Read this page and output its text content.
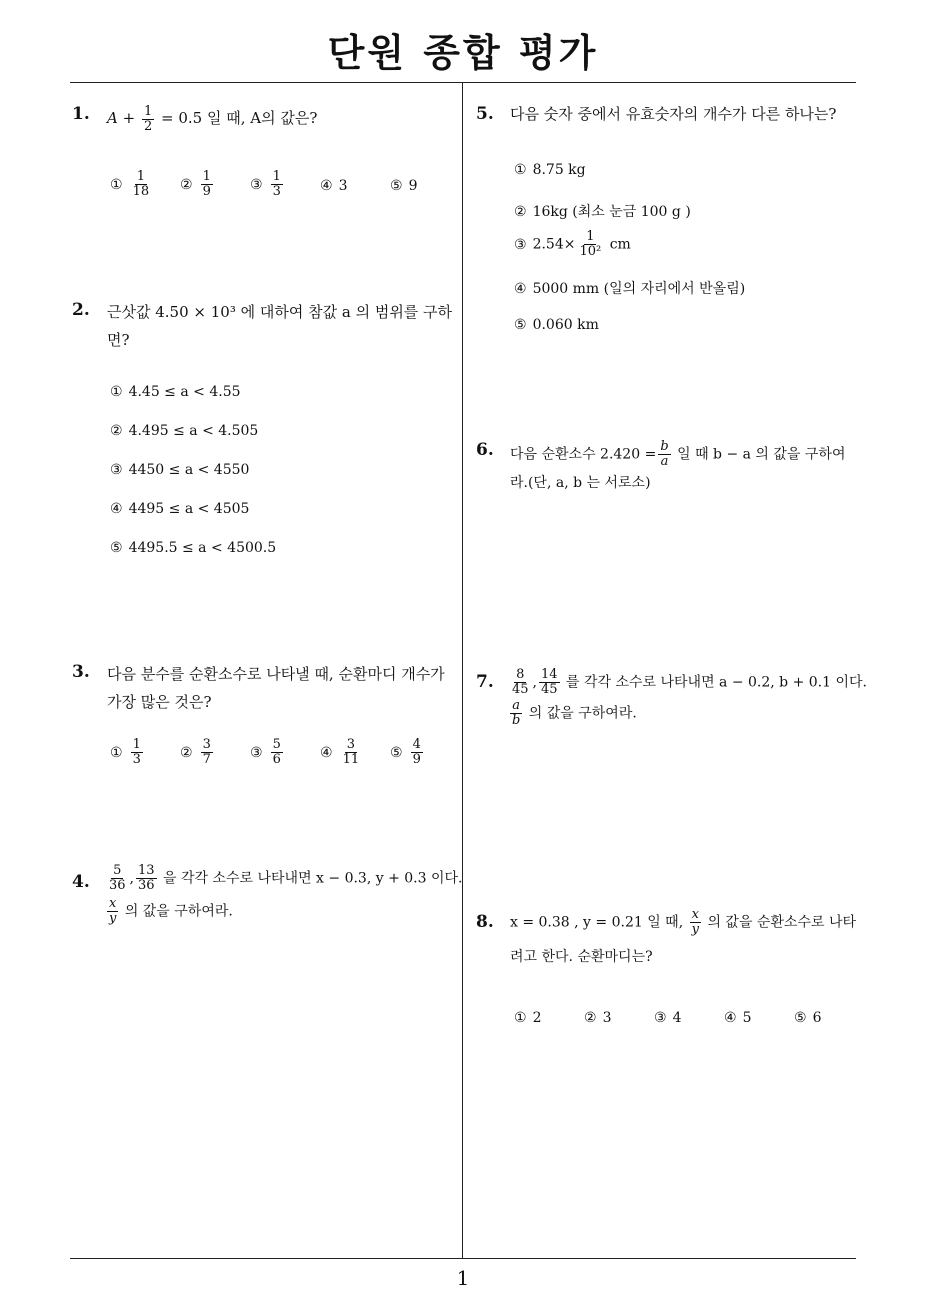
단원 종합 평가
1
1. $A + \frac{1}{2} = 0.5$ 일 때, A의 값은?
① $\frac{1}{18}$ ② $\frac{1}{9}$	③ $\frac{1}{3}$	④ 3	⑤ 9
2. 근삿값 4.50 × 10³ 에 대하여 참값 a 의 범위를 구하
면?
① 4.45 ≤ a < 4.55
② 4.495 ≤ a < 4.505
③ 4450 ≤ a < 4550
④ 4495 ≤ a < 4505
⑤ 4495.5 ≤ a < 4500.5
3. 다음 분수를 순환소수로 나타낼 때, 순환마디 개수가
가장 많은 것은?
① $\frac{1}{3}$	② $\frac{3}{7}$	③ $\frac{5}{6}$	④ $\frac{3}{11}$ ⑤ $\frac{4}{9}$
4. $\frac{5}{36}$ , $\frac{13}{36}$ 을 각각 소수로 나타내면 x − 0.3, y + 0.3 이다.
$\frac{x}{y}$ 의 값을 구하여라.
5. 다음 숫자 중에서 유효숫자의 개수가 다른 하나는?
① 8.75 kg
② 16kg (최소 눈금 100 g )
③ $2.54\times \frac{1}{\text{10²}}$ cm
④ 5000 mm (일의 자리에서 반올림)
⑤ 0.060 km
6. 다음 순환소수 $2.420 = \frac{b}{a}$ 일 때 b − a 의 값을 구하여
라.(단, a, b 는 서로소)
7. $\frac{8}{45}$ , $\frac{14}{45}$ 를 각각 소수로 나타내면 a − 0.2, b + 0.1 이다.
$\frac{a}{b}$ 의 값을 구하여라.
8. x = 0.38 , y = 0.21 일 때, $\frac{x}{y}$ 의 값을 순환소수로 나타
려고 한다. 순환마디는?
① 2	② 3	③ 4	④ 5	⑤ 6
